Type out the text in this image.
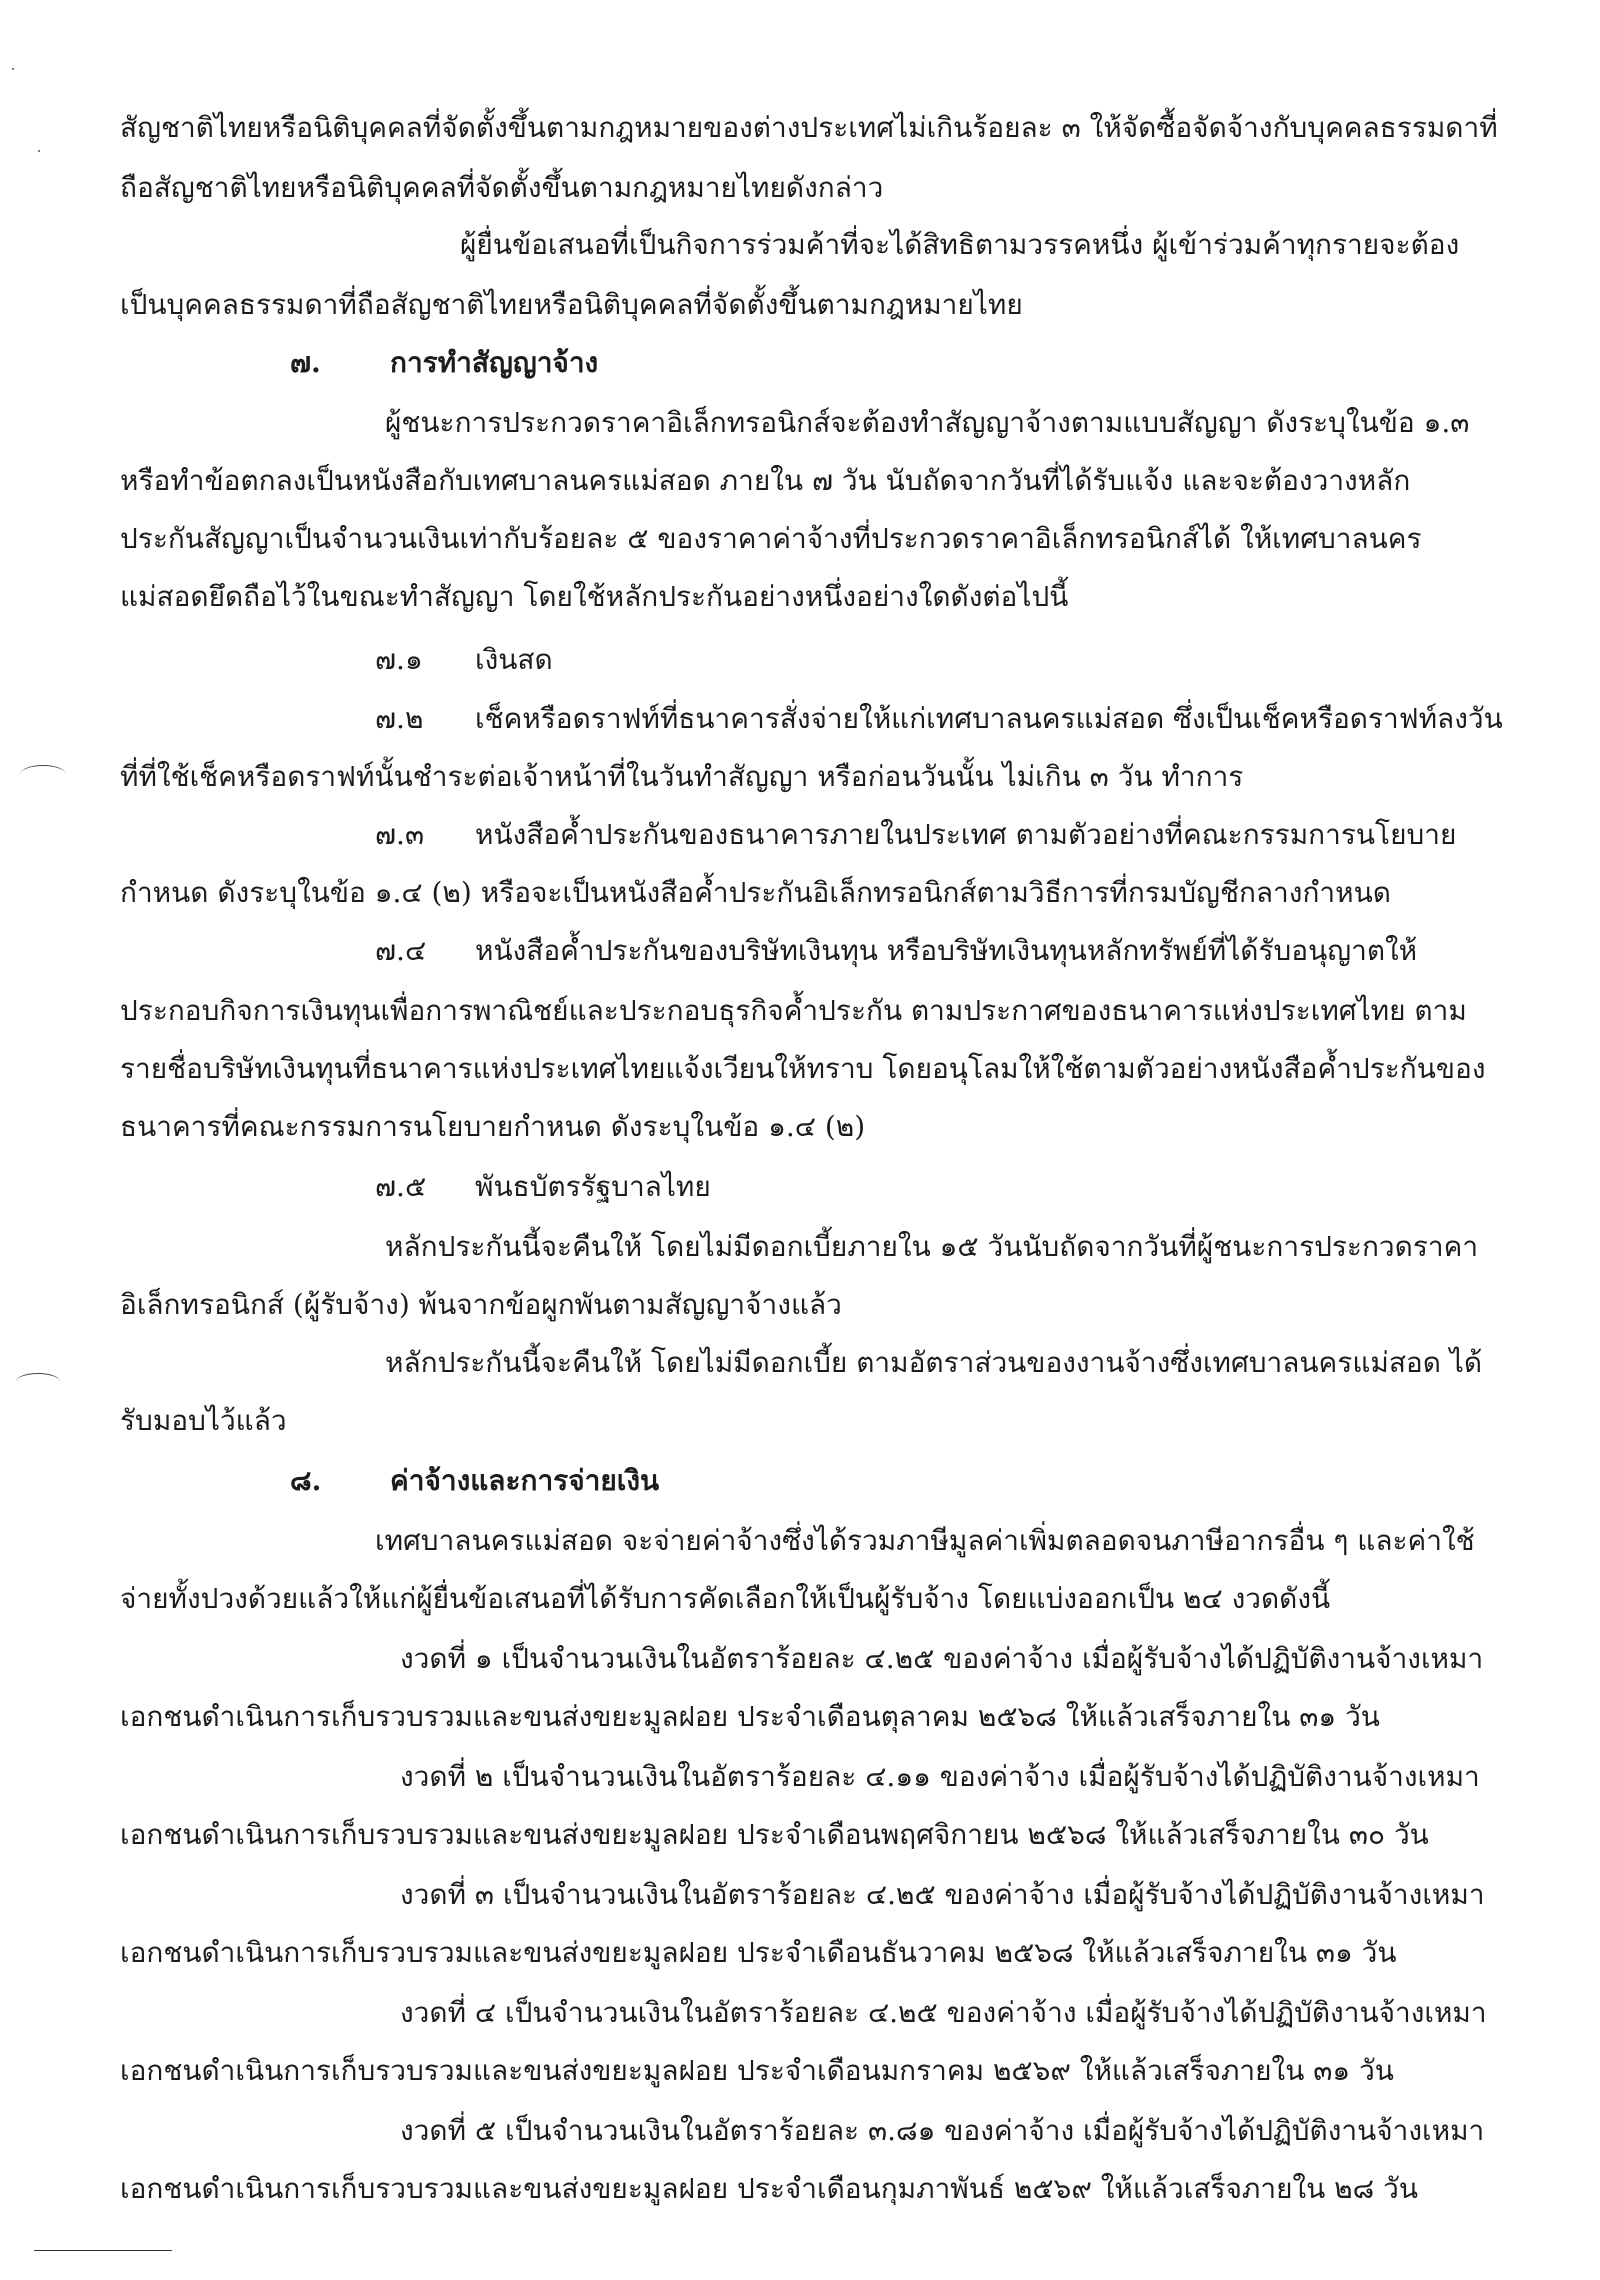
สัญชาติไทยหรือนิติบุคคลที่จัดตั้งขึ้นตามกฎหมายของต่างประเทศไม่เกินร้อยละ ๓ ให้จัดซื้อจัดจ้างกับบุคคลธรรมดาที่
ถือสัญชาติไทยหรือนิติบุคคลที่จัดตั้งขึ้นตามกฎหมายไทยดังกล่าว
ผู้ยื่นข้อเสนอที่เป็นกิจการร่วมค้าที่จะได้สิทธิตามวรรคหนึ่ง ผู้เข้าร่วมค้าทุกรายจะต้อง
เป็นบุคคลธรรมดาที่ถือสัญชาติไทยหรือนิติบุคคลที่จัดตั้งขึ้นตามกฎหมายไทย
๗. การทำสัญญาจ้าง
ผู้ชนะการประกวดราคาอิเล็กทรอนิกส์จะต้องทำสัญญาจ้างตามแบบสัญญา ดังระบุในข้อ ๑.๓
หรือทำข้อตกลงเป็นหนังสือกับเทศบาลนครแม่สอด ภายใน ๗ วัน นับถัดจากวันที่ได้รับแจ้ง และจะต้องวางหลัก
ประกันสัญญาเป็นจำนวนเงินเท่ากับร้อยละ ๕ ของราคาค่าจ้างที่ประกวดราคาอิเล็กทรอนิกส์ได้ ให้เทศบาลนคร
แม่สอดยึดถือไว้ในขณะทำสัญญา โดยใช้หลักประกันอย่างหนึ่งอย่างใดดังต่อไปนี้
๗.๑ เงินสด
๗.๒ เช็คหรือดราฟท์ที่ธนาคารสั่งจ่ายให้แก่เทศบาลนครแม่สอด ซึ่งเป็นเช็คหรือดราฟท์ลงวัน
ที่ที่ใช้เช็คหรือดราฟท์นั้นชำระต่อเจ้าหน้าที่ในวันทำสัญญา หรือก่อนวันนั้น ไม่เกิน ๓ วัน ทำการ
๗.๓ หนังสือค้ำประกันของธนาคารภายในประเทศ ตามตัวอย่างที่คณะกรรมการนโยบาย
กำหนด ดังระบุในข้อ ๑.๔ (๒) หรือจะเป็นหนังสือค้ำประกันอิเล็กทรอนิกส์ตามวิธีการที่กรมบัญชีกลางกำหนด
๗.๔ หนังสือค้ำประกันของบริษัทเงินทุน หรือบริษัทเงินทุนหลักทรัพย์ที่ได้รับอนุญาตให้
ประกอบกิจการเงินทุนเพื่อการพาณิชย์และประกอบธุรกิจค้ำประกัน ตามประกาศของธนาคารแห่งประเทศไทย ตาม
รายชื่อบริษัทเงินทุนที่ธนาคารแห่งประเทศไทยแจ้งเวียนให้ทราบ โดยอนุโลมให้ใช้ตามตัวอย่างหนังสือค้ำประกันของ
ธนาคารที่คณะกรรมการนโยบายกำหนด ดังระบุในข้อ ๑.๔ (๒)
๗.๕ พันธบัตรรัฐบาลไทย
หลักประกันนี้จะคืนให้ โดยไม่มีดอกเบี้ยภายใน ๑๕ วันนับถัดจากวันที่ผู้ชนะการประกวดราคา
อิเล็กทรอนิกส์ (ผู้รับจ้าง) พ้นจากข้อผูกพันตามสัญญาจ้างแล้ว
หลักประกันนี้จะคืนให้ โดยไม่มีดอกเบี้ย ตามอัตราส่วนของงานจ้างซึ่งเทศบาลนครแม่สอด ได้
รับมอบไว้แล้ว
๘. ค่าจ้างและการจ่ายเงิน
เทศบาลนครแม่สอด จะจ่ายค่าจ้างซึ่งได้รวมภาษีมูลค่าเพิ่มตลอดจนภาษีอากรอื่น ๆ และค่าใช้
จ่ายทั้งปวงด้วยแล้วให้แก่ผู้ยื่นข้อเสนอที่ได้รับการคัดเลือกให้เป็นผู้รับจ้าง โดยแบ่งออกเป็น ๒๔ งวดดังนี้
งวดที่ ๑ เป็นจำนวนเงินในอัตราร้อยละ ๔.๒๕ ของค่าจ้าง เมื่อผู้รับจ้างได้ปฏิบัติงานจ้างเหมา
เอกชนดำเนินการเก็บรวบรวมและขนส่งขยะมูลฝอย ประจำเดือนตุลาคม ๒๕๖๘ ให้แล้วเสร็จภายใน ๓๑ วัน
งวดที่ ๒ เป็นจำนวนเงินในอัตราร้อยละ ๔.๑๑ ของค่าจ้าง เมื่อผู้รับจ้างได้ปฏิบัติงานจ้างเหมา
เอกชนดำเนินการเก็บรวบรวมและขนส่งขยะมูลฝอย ประจำเดือนพฤศจิกายน ๒๕๖๘ ให้แล้วเสร็จภายใน ๓๐ วัน
งวดที่ ๓ เป็นจำนวนเงินในอัตราร้อยละ ๔.๒๕ ของค่าจ้าง เมื่อผู้รับจ้างได้ปฏิบัติงานจ้างเหมา
เอกชนดำเนินการเก็บรวบรวมและขนส่งขยะมูลฝอย ประจำเดือนธันวาคม ๒๕๖๘ ให้แล้วเสร็จภายใน ๓๑ วัน
งวดที่ ๔ เป็นจำนวนเงินในอัตราร้อยละ ๔.๒๕ ของค่าจ้าง เมื่อผู้รับจ้างได้ปฏิบัติงานจ้างเหมา
เอกชนดำเนินการเก็บรวบรวมและขนส่งขยะมูลฝอย ประจำเดือนมกราคม ๒๕๖๙ ให้แล้วเสร็จภายใน ๓๑ วัน
งวดที่ ๕ เป็นจำนวนเงินในอัตราร้อยละ ๓.๘๑ ของค่าจ้าง เมื่อผู้รับจ้างได้ปฏิบัติงานจ้างเหมา
เอกชนดำเนินการเก็บรวบรวมและขนส่งขยะมูลฝอย ประจำเดือนกุมภาพันธ์ ๒๕๖๙ ให้แล้วเสร็จภายใน ๒๘ วัน
